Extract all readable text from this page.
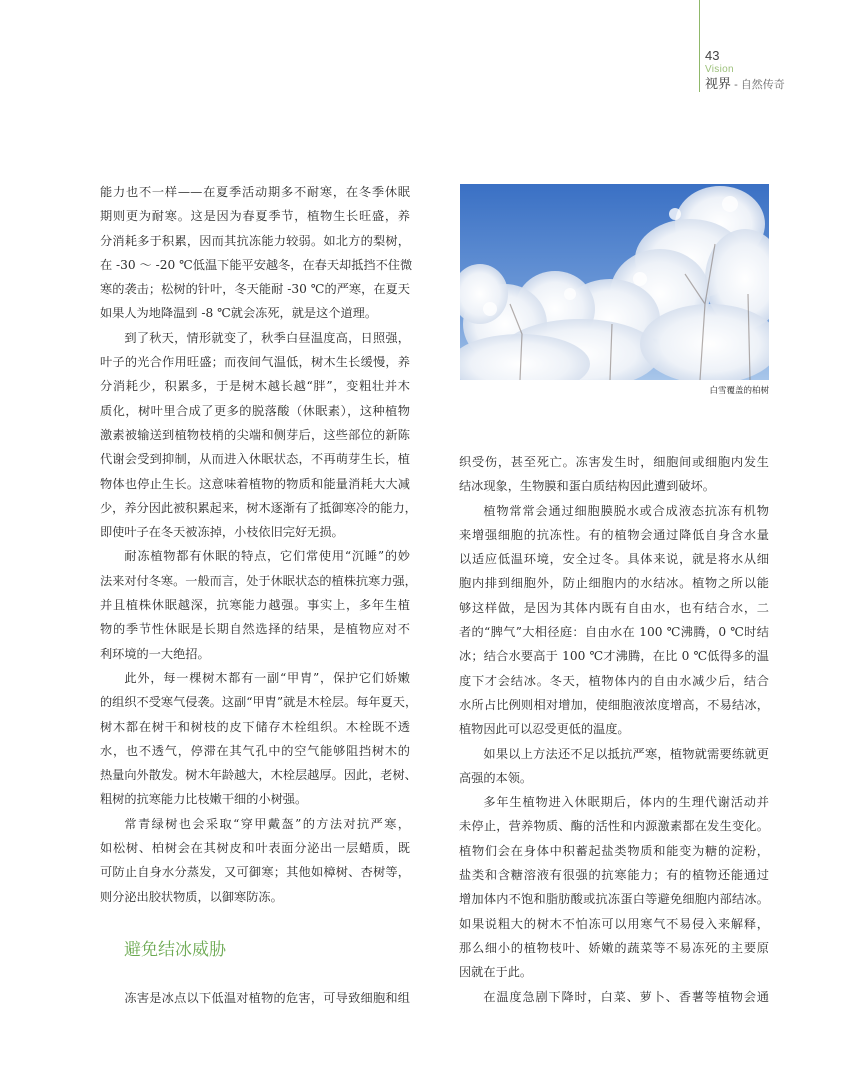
43
Vision
视界 - 自然传奇
能力也不一样——在夏季活动期多不耐寒，在冬季休眠
期则更为耐寒。这是因为春夏季节，植物生长旺盛，养
分消耗多于积累，因而其抗冻能力较弱。如北方的梨树，
在 -30 ～ -20 ℃低温下能平安越冬，在春天却抵挡不住微
寒的袭击；松树的针叶，冬天能耐 -30 ℃的严寒，在夏天
如果人为地降温到 -8 ℃就会冻死，就是这个道理。
到了秋天，情形就变了，秋季白昼温度高，日照强，
叶子的光合作用旺盛；而夜间气温低，树木生长缓慢，养
分消耗少，积累多，于是树木越长越“胖”，变粗壮并木
质化，树叶里合成了更多的脱落酸（休眠素），这种植物
激素被输送到植物枝梢的尖端和侧芽后，这些部位的新陈
代谢会受到抑制，从而进入休眠状态，不再萌芽生长，植
物体也停止生长。这意味着植物的物质和能量消耗大大减
少，养分因此被积累起来，树木逐渐有了抵御寒冷的能力，
即使叶子在冬天被冻掉，小枝依旧完好无损。
耐冻植物都有休眠的特点，它们常使用“沉睡”的妙
法来对付冬寒。一般而言，处于休眠状态的植株抗寒力强，
并且植株休眠越深，抗寒能力越强。事实上，多年生植
物的季节性休眠是长期自然选择的结果，是植物应对不
利环境的一大绝招。
此外，每一棵树木都有一副“甲胄”，保护它们娇嫩
的组织不受寒气侵袭。这副“甲胄”就是木栓层。每年夏天，
树木都在树干和树枝的皮下储存木栓组织。木栓既不透
水，也不透气，停滞在其气孔中的空气能够阻挡树木的
热量向外散发。树木年龄越大，木栓层越厚。因此，老树、
粗树的抗寒能力比枝嫩干细的小树强。
常青绿树也会采取“穿甲戴盔”的方法对抗严寒，
如松树、柏树会在其树皮和叶表面分泌出一层蜡质，既
可防止自身水分蒸发，又可御寒；其他如樟树、杏树等，
则分泌出胶状物质，以御寒防冻。
避免结冰威胁
冻害是冰点以下低温对植物的危害，可导致细胞和组
白雪覆盖的柏树
织受伤，甚至死亡。冻害发生时，细胞间或细胞内发生
结冰现象，生物膜和蛋白质结构因此遭到破坏。
植物常常会通过细胞膜脱水或合成液态抗冻有机物
来增强细胞的抗冻性。有的植物会通过降低自身含水量
以适应低温环境，安全过冬。具体来说，就是将水从细
胞内排到细胞外，防止细胞内的水结冰。植物之所以能
够这样做，是因为其体内既有自由水，也有结合水，二
者的“脾气”大相径庭：自由水在 100 ℃沸腾，0 ℃时结
冰；结合水要高于 100 ℃才沸腾，在比 0 ℃低得多的温
度下才会结冰。冬天，植物体内的自由水减少后，结合
水所占比例则相对增加，使细胞液浓度增高，不易结冰，
植物因此可以忍受更低的温度。
如果以上方法还不足以抵抗严寒，植物就需要练就更
高强的本领。
多年生植物进入休眠期后，体内的生理代谢活动并
未停止，营养物质、酶的活性和内源激素都在发生变化。
植物们会在身体中积蓄起盐类物质和能变为糖的淀粉，
盐类和含糖溶液有很强的抗寒能力；有的植物还能通过
增加体内不饱和脂肪酸或抗冻蛋白等避免细胞内部结冰。
如果说粗大的树木不怕冻可以用寒气不易侵入来解释，
那么细小的植物枝叶、娇嫩的蔬菜等不易冻死的主要原
因就在于此。
在温度急剧下降时，白菜、萝卜、香薯等植物会通
